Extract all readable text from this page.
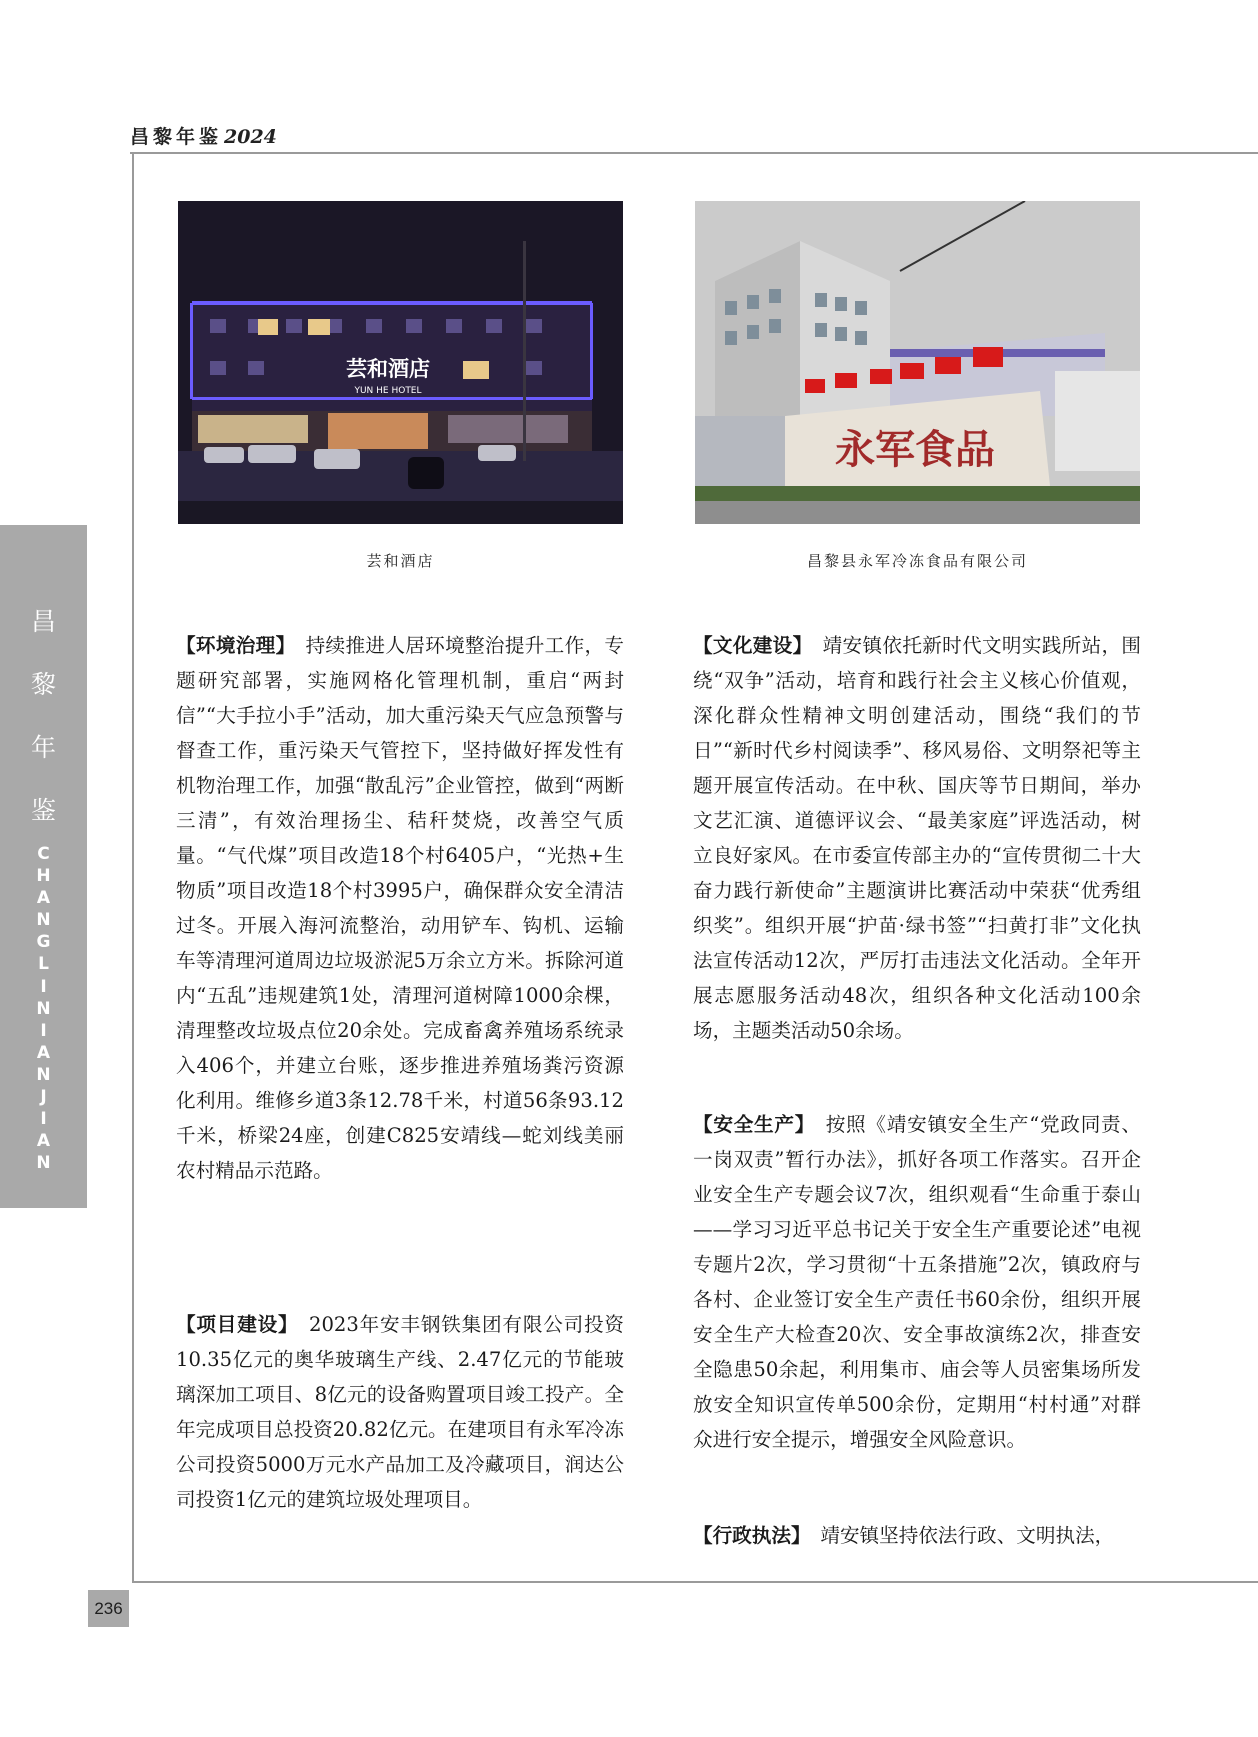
昌黎年鉴 2024
昌
黎
年
鉴
C
H
A
N
G
L
I
N
I
A
N
J
I
A
N
芸和酒店
YUN HE HOTEL
芸和酒店
永军食品
昌黎县永军冷冻食品有限公司

【环境治理】　 持续推进人居环境整治提升工作，专题研究部署，实施网格化管理机制，重启“两封信”“大手拉小手”活动，加大重污染天气应急预警与督查工作，重污染天气管控下，坚持做好挥发性有机物治理工作，加强“散乱污”企业管控，做到“两断三清”，有效治理扬尘、秸秆焚烧，改善空气质量。“气代煤”项目改造18个村6405户，“光热+生物质”项目改造18个村3995户，确保群众安全清洁过冬。开展入海河流整治，动用铲车、钩机、运输车等清理河道周边垃圾淤泥5万余立方米。拆除河道内“五乱”违规建筑1处，清理河道树障1000余棵，清理整改垃圾点位20余处。完成畜禽养殖场系统录入406个，并建立台账，逐步推进养殖场粪污资源化利用。维修乡道3条12.78千米，村道56条93.12千米，桥梁24座，创建C825安靖线—蛇刘线美丽农村精品示范路。

【项目建设】　 2023年安丰钢铁集团有限公司投资10.35亿元的奥华玻璃生产线、2.47亿元的节能玻璃深加工项目、8亿元的设备购置项目竣工投产。全年完成项目总投资20.82亿元。在建项目有永军冷冻公司投资5000万元水产品加工及冷藏项目，润达公司投资1亿元的建筑垃圾处理项目。

【文化建设】　 靖安镇依托新时代文明实践所站，围绕“双争”活动，培育和践行社会主义核心价值观，深化群众性精神文明创建活动，围绕“我们的节日”“新时代乡村阅读季”、移风易俗、文明祭祀等主题开展宣传活动。在中秋、国庆等节日期间，举办文艺汇演、道德评议会、“最美家庭”评选活动，树立良好家风。在市委宣传部主办的“宣传贯彻二十大 奋力践行新使命”主题演讲比赛活动中荣获“优秀组织奖”。组织开展“护苗·绿书签”“扫黄打非”文化执法宣传活动12次，严厉打击违法文化活动。全年开展志愿服务活动48次，组织各种文化活动100余场，主题类活动50余场。

【安全生产】　 按照《靖安镇安全生产“党政同责、一岗双责”暂行办法》，抓好各项工作落实。召开企业安全生产专题会议7次，组织观看“生命重于泰山——学习习近平总书记关于安全生产重要论述”电视专题片2次，学习贯彻“十五条措施”2次，镇政府与各村、企业签订安全生产责任书60余份，组织开展安全生产大检查20次、安全事故演练2次，排查安全隐患50余起，利用集市、庙会等人员密集场所发放安全知识宣传单500余份，定期用“村村通”对群众进行安全提示，增强安全风险意识。

【行政执法】　 靖安镇坚持依法行政、文明执法，

236
